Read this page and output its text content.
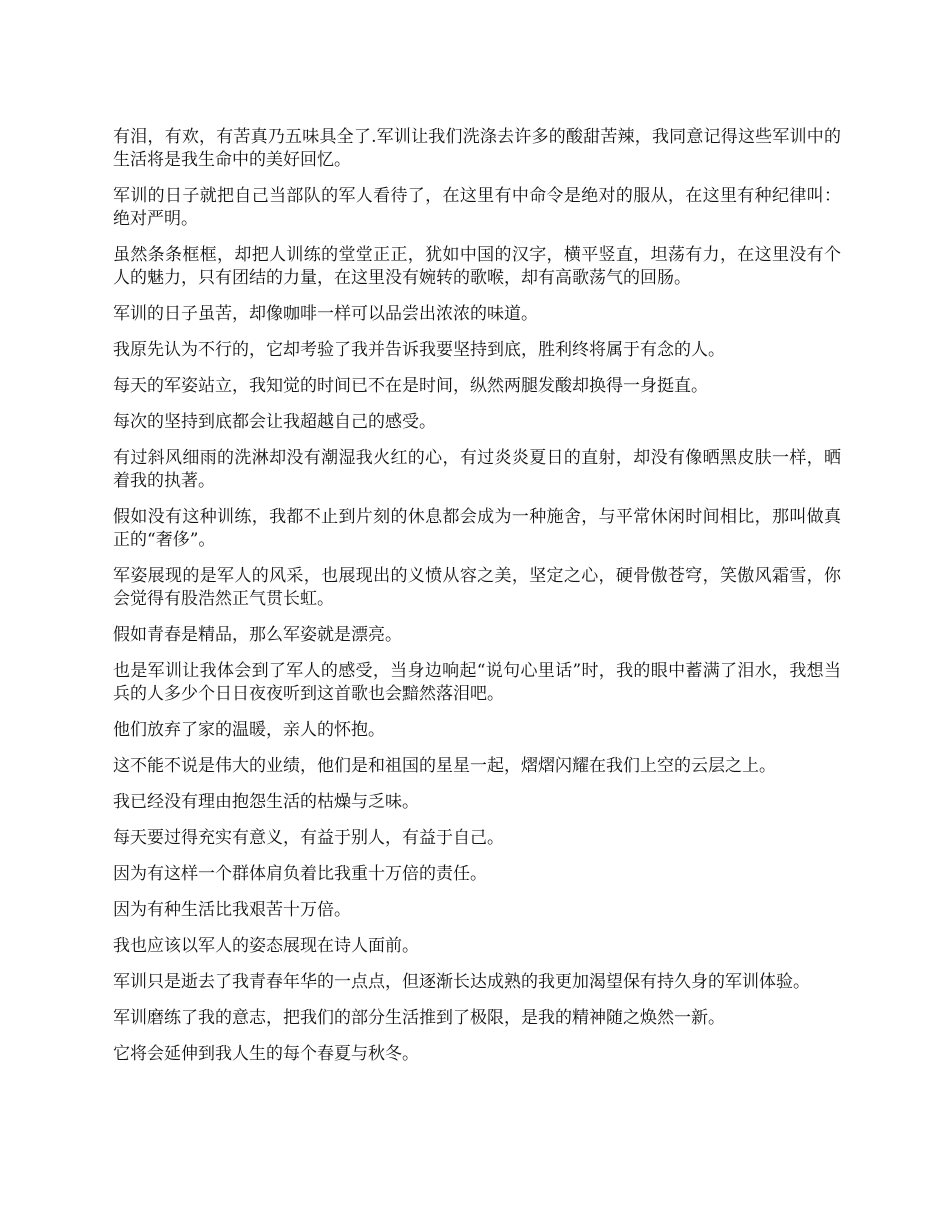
有泪，有欢，有苦真乃五味具全了.军训让我们洗涤去许多的酸甜苦辣，我同意记得这些军训中的生活将是我生命中的美好回忆。

军训的日子就把自己当部队的军人看待了，在这里有中命令是绝对的服从，在这里有种纪律叫：绝对严明。

虽然条条框框，却把人训练的堂堂正正，犹如中国的汉字，横平竖直，坦荡有力，在这里没有个人的魅力，只有团结的力量，在这里没有婉转的歌喉，却有高歌荡气的回肠。

军训的日子虽苦，却像咖啡一样可以品尝出浓浓的味道。

我原先认为不行的，它却考验了我并告诉我要坚持到底，胜利终将属于有念的人。

每天的军姿站立，我知觉的时间已不在是时间，纵然两腿发酸却换得一身挺直。

每次的坚持到底都会让我超越自己的感受。

有过斜风细雨的洗淋却没有潮湿我火红的心，有过炎炎夏日的直射，却没有像晒黑皮肤一样，晒着我的执著。

假如没有这种训练，我都不止到片刻的休息都会成为一种施舍，与平常休闲时间相比，那叫做真正的“奢侈”。

军姿展现的是军人的风采，也展现出的义愤从容之美，坚定之心，硬骨傲苍穹，笑傲风霜雪，你会觉得有股浩然正气贯长虹。

假如青春是精品，那么军姿就是漂亮。

也是军训让我体会到了军人的感受，当身边响起“说句心里话”时，我的眼中蓄满了泪水，我想当兵的人多少个日日夜夜听到这首歌也会黯然落泪吧。

他们放弃了家的温暖，亲人的怀抱。

这不能不说是伟大的业绩，他们是和祖国的星星一起，熠熠闪耀在我们上空的云层之上。

我已经没有理由抱怨生活的枯燥与乏味。

每天要过得充实有意义，有益于别人，有益于自己。

因为有这样一个群体肩负着比我重十万倍的责任。

因为有种生活比我艰苦十万倍。

我也应该以军人的姿态展现在诗人面前。

军训只是逝去了我青春年华的一点点，但逐渐长达成熟的我更加渴望保有持久身的军训体验。

军训磨练了我的意志，把我们的部分生活推到了极限，是我的精神随之焕然一新。

它将会延伸到我人生的每个春夏与秋冬。
